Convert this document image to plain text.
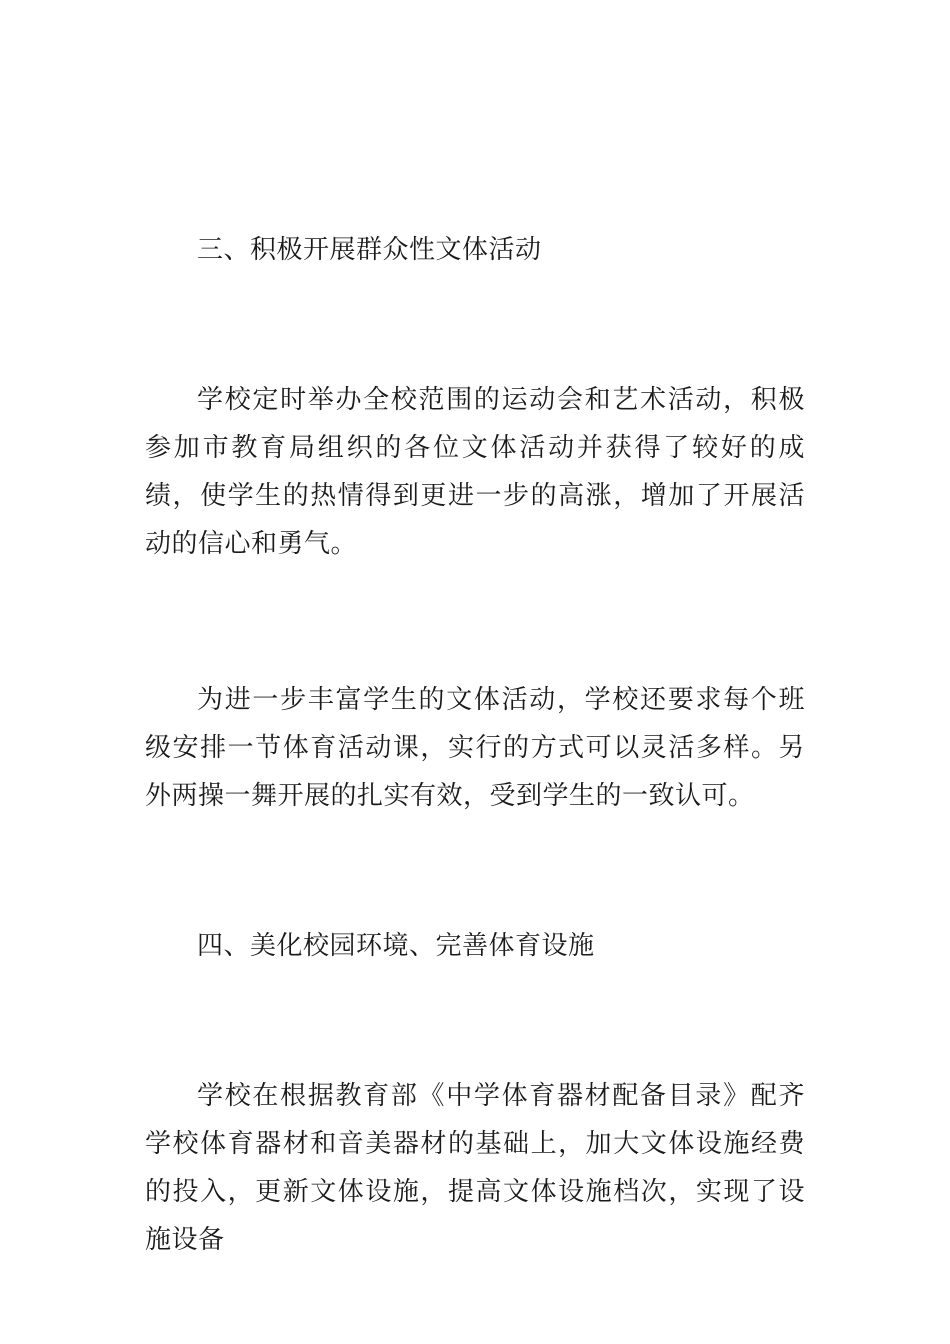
三、积极开展群众性文体活动

学校定时举办全校范围的运动会和艺术活动，积极参加市教育局组织的各位文体活动并获得了较好的成绩，使学生的热情得到更进一步的高涨，增加了开展活动的信心和勇气。

为进一步丰富学生的文体活动，学校还要求每个班级安排一节体育活动课，实行的方式可以灵活多样。另外两操一舞开展的扎实有效，受到学生的一致认可。

四、美化校园环境、完善体育设施

学校在根据教育部《中学体育器材配备目录》配齐学校体育器材和音美器材的基础上，加大文体设施经费的投入，更新文体设施，提高文体设施档次，实现了设施设备
